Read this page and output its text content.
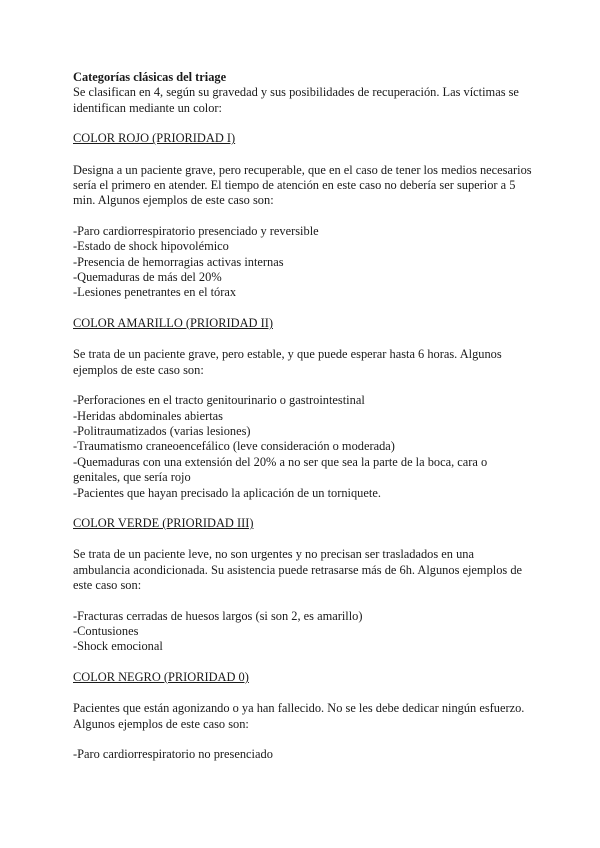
Categorías clásicas del triage

Se clasifican en 4, según su gravedad y sus posibilidades de recuperación. Las víctimas se identifican mediante un color:

COLOR ROJO (PRIORIDAD I)

Designa a un paciente grave, pero recuperable, que en el caso de tener los medios necesarios sería el primero en atender. El tiempo de atención en este caso no debería ser superior a 5 min. Algunos ejemplos de este caso son:

-Paro cardiorrespiratorio presenciado y reversible
-Estado de shock hipovolémico
-Presencia de hemorragias activas internas
-Quemaduras de más del 20%
-Lesiones penetrantes en el tórax

COLOR AMARILLO (PRIORIDAD II)

Se trata de un paciente grave, pero estable, y que puede esperar hasta 6 horas. Algunos ejemplos de este caso son:

-Perforaciones en el tracto genitourinario o gastrointestinal
-Heridas abdominales abiertas
-Politraumatizados (varias lesiones)
-Traumatismo craneoencefálico (leve consideración o moderada)
-Quemaduras con una extensión del 20% a no ser que sea la parte de la boca, cara o genitales, que sería rojo
-Pacientes que hayan precisado la aplicación de un torniquete.

COLOR VERDE (PRIORIDAD III)

Se trata de un paciente leve, no son urgentes y no precisan ser trasladados en una ambulancia acondicionada. Su asistencia puede retrasarse más de 6h. Algunos ejemplos de este caso son:

-Fracturas cerradas de huesos largos (si son 2, es amarillo)
-Contusiones
-Shock emocional

COLOR NEGRO (PRIORIDAD 0)

Pacientes que están agonizando o ya han fallecido. No se les debe dedicar ningún esfuerzo. Algunos ejemplos de este caso son:

-Paro cardiorrespiratorio no presenciado
